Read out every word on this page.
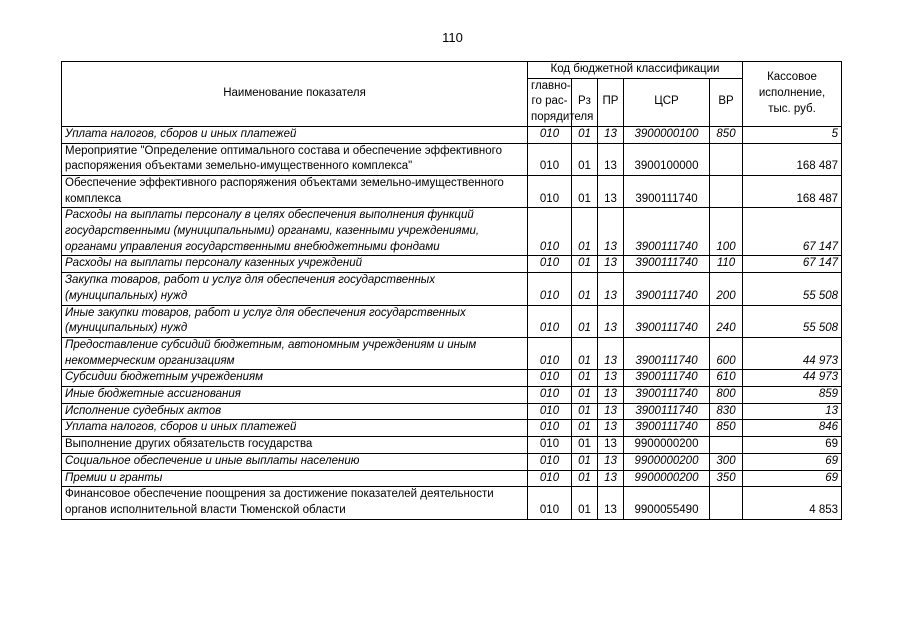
110
Наименование показателя	Код бюджетной классификации					Кассовое исполнение, тыс. руб.
	главно-го рас-порядителя	Рз	ПР	ЦСР	ВР	
Уплата налогов, сборов и иных платежей	010	01	13	3900000100	850	5
Мероприятие "Определение оптимального состава и обеспечение эффективного распоряжения объектами земельно-имущественного комплекса"	010	01	13	3900100000		168 487
Обеспечение эффективного распоряжения объектами земельно-имущественного комплекса	010	01	13	3900111740		168 487
Расходы на выплаты персоналу в целях обеспечения выполнения функций государственными (муниципальными) органами, казенными учреждениями, органами управления государственными внебюджетными фондами	010	01	13	3900111740	100	67 147
Расходы на выплаты персоналу казенных учреждений	010	01	13	3900111740	110	67 147
Закупка товаров, работ и услуг для обеспечения государственных (муниципальных) нужд	010	01	13	3900111740	200	55 508
Иные закупки товаров, работ и услуг для обеспечения государственных (муниципальных) нужд	010	01	13	3900111740	240	55 508
Предоставление субсидий бюджетным, автономным учреждениям и иным некоммерческим организациям	010	01	13	3900111740	600	44 973
Субсидии бюджетным учреждениям	010	01	13	3900111740	610	44 973
Иные бюджетные ассигнования	010	01	13	3900111740	800	859
Исполнение судебных актов	010	01	13	3900111740	830	13
Уплата налогов, сборов и иных платежей	010	01	13	3900111740	850	846
Выполнение других обязательств государства	010	01	13	9900000200		69
Социальное обеспечение и иные выплаты населению	010	01	13	9900000200	300	69
Премии и гранты	010	01	13	9900000200	350	69
Финансовое обеспечение поощрения за достижение показателей деятельности органов исполнительной власти Тюменской области	010	01	13	9900055490		4 853
